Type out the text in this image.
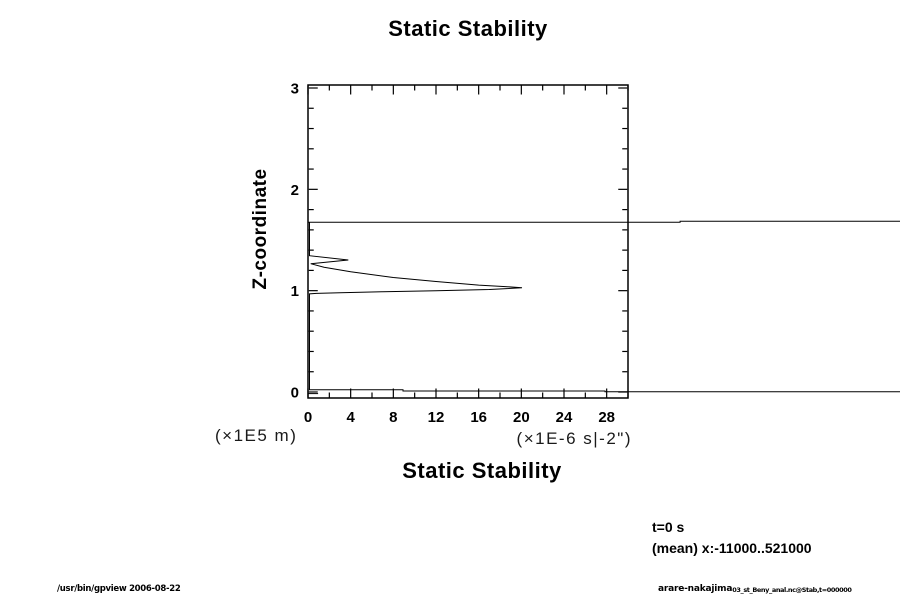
Static Stability
0 4 8 12 16 20 24 28
0
1
2
3
Z-coordinate
(×1E5 m)	(×1E-6 s|-2")
Static Stability
t=0 s
(mean) x:-11000..521000
/usr/bin/gpview 2006-08-22	arare-nakajima03_st_Beny_anal.nc@Stab,t=000000
